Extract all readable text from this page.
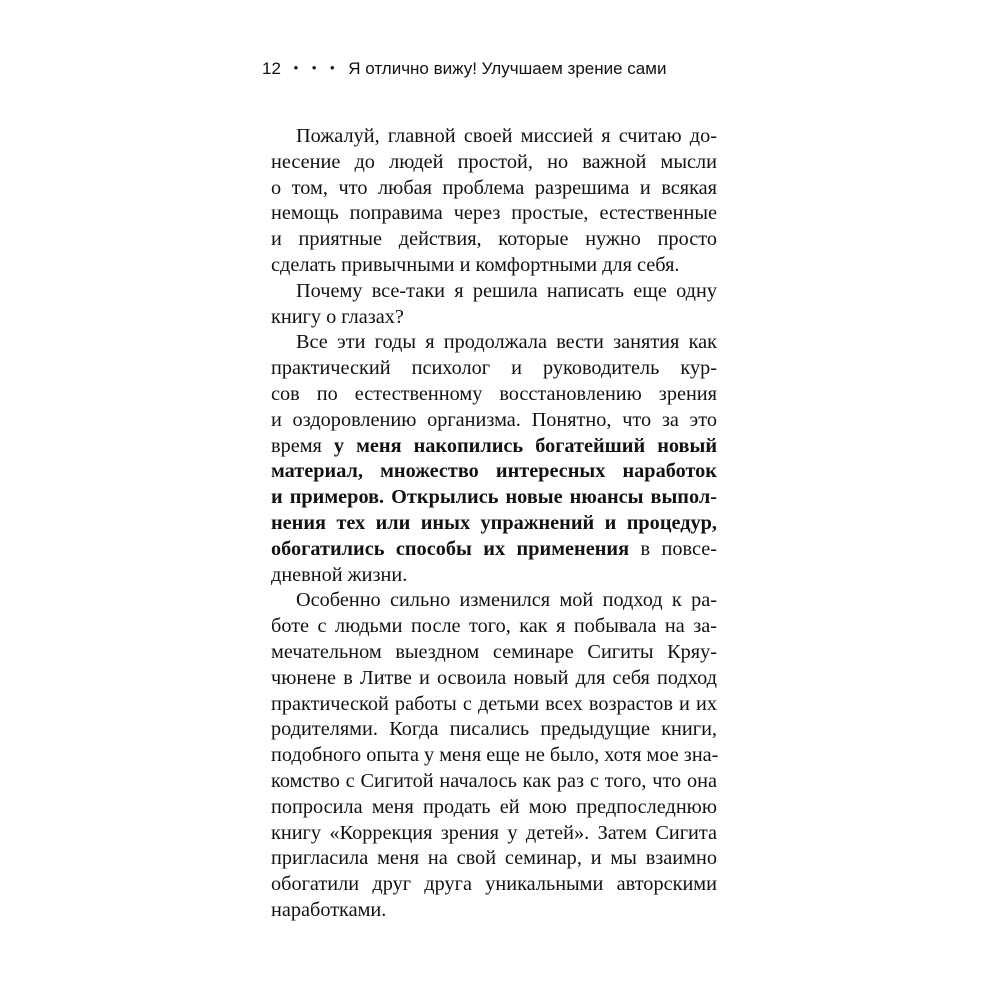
12 • • • Я отлично вижу! Улучшаем зрение сами
Пожалуй, главной своей миссией я считаю до-
несение до людей простой, но важной мысли
о том, что любая проблема разрешима и всякая
немощь поправима через простые, естественные
и приятные действия, которые нужно просто
сделать привычными и комфортными для себя.
Почему все-таки я решила написать еще одну
книгу о глазах?
Все эти годы я продолжала вести занятия как
практический психолог и руководитель кур-
сов по естественному восстановлению зрения
и оздоровлению организма. Понятно, что за это
время у меня накопились богатейший новый
материал, множество интересных наработок
и примеров. Открылись новые нюансы выпол-
нения тех или иных упражнений и процедур,
обогатились способы их применения в повсе-
дневной жизни.
Особенно сильно изменился мой подход к ра-
боте с людьми после того, как я побывала на за-
мечательном выездном семинаре Сигиты Кряу-
чюнене в Литве и освоила новый для себя подход
практической работы с детьми всех возрастов и их
родителями. Когда писались предыдущие книги,
подобного опыта у меня еще не было, хотя мое зна-
комство с Сигитой началось как раз с того, что она
попросила меня продать ей мою предпоследнюю
книгу «Коррекция зрения у детей». Затем Сигита
пригласила меня на свой семинар, и мы взаимно
обогатили друг друга уникальными авторскими
наработками.
